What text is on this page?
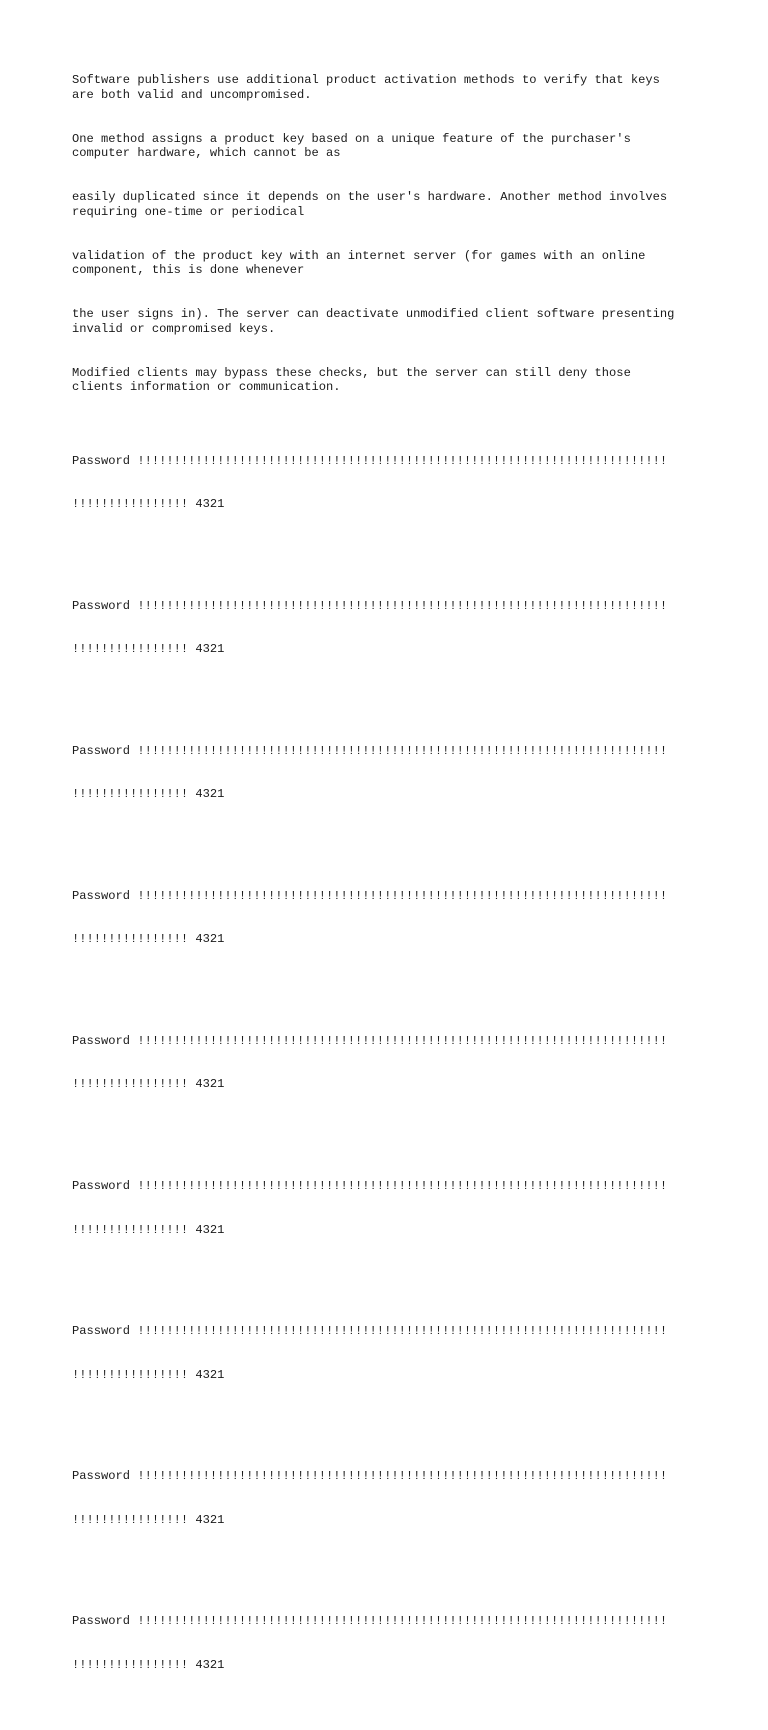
Software publishers use additional product activation methods to verify that keys
are both valid and uncompromised.

One method assigns a product key based on a unique feature of the purchaser's
computer hardware, which cannot be as

easily duplicated since it depends on the user's hardware. Another method involves
requiring one-time or periodical

validation of the product key with an internet server (for games with an online
component, this is done whenever

the user signs in). The server can deactivate unmodified client software presenting
invalid or compromised keys.

Modified clients may bypass these checks, but the server can still deny those
clients information or communication.

Password !!!!!!!!!!!!!!!!!!!!!!!!!!!!!!!!!!!!!!!!!!!!!!!!!!!!!!!!!!!!!!!!!!!!!!!!!

!!!!!!!!!!!!!!!! 4321

Password !!!!!!!!!!!!!!!!!!!!!!!!!!!!!!!!!!!!!!!!!!!!!!!!!!!!!!!!!!!!!!!!!!!!!!!!!

!!!!!!!!!!!!!!!! 4321

Password !!!!!!!!!!!!!!!!!!!!!!!!!!!!!!!!!!!!!!!!!!!!!!!!!!!!!!!!!!!!!!!!!!!!!!!!!

!!!!!!!!!!!!!!!! 4321

Password !!!!!!!!!!!!!!!!!!!!!!!!!!!!!!!!!!!!!!!!!!!!!!!!!!!!!!!!!!!!!!!!!!!!!!!!!

!!!!!!!!!!!!!!!! 4321

Password !!!!!!!!!!!!!!!!!!!!!!!!!!!!!!!!!!!!!!!!!!!!!!!!!!!!!!!!!!!!!!!!!!!!!!!!!

!!!!!!!!!!!!!!!! 4321

Password !!!!!!!!!!!!!!!!!!!!!!!!!!!!!!!!!!!!!!!!!!!!!!!!!!!!!!!!!!!!!!!!!!!!!!!!!

!!!!!!!!!!!!!!!! 4321

Password !!!!!!!!!!!!!!!!!!!!!!!!!!!!!!!!!!!!!!!!!!!!!!!!!!!!!!!!!!!!!!!!!!!!!!!!!

!!!!!!!!!!!!!!!! 4321

Password !!!!!!!!!!!!!!!!!!!!!!!!!!!!!!!!!!!!!!!!!!!!!!!!!!!!!!!!!!!!!!!!!!!!!!!!!

!!!!!!!!!!!!!!!! 4321

Password !!!!!!!!!!!!!!!!!!!!!!!!!!!!!!!!!!!!!!!!!!!!!!!!!!!!!!!!!!!!!!!!!!!!!!!!!

!!!!!!!!!!!!!!!! 4321
